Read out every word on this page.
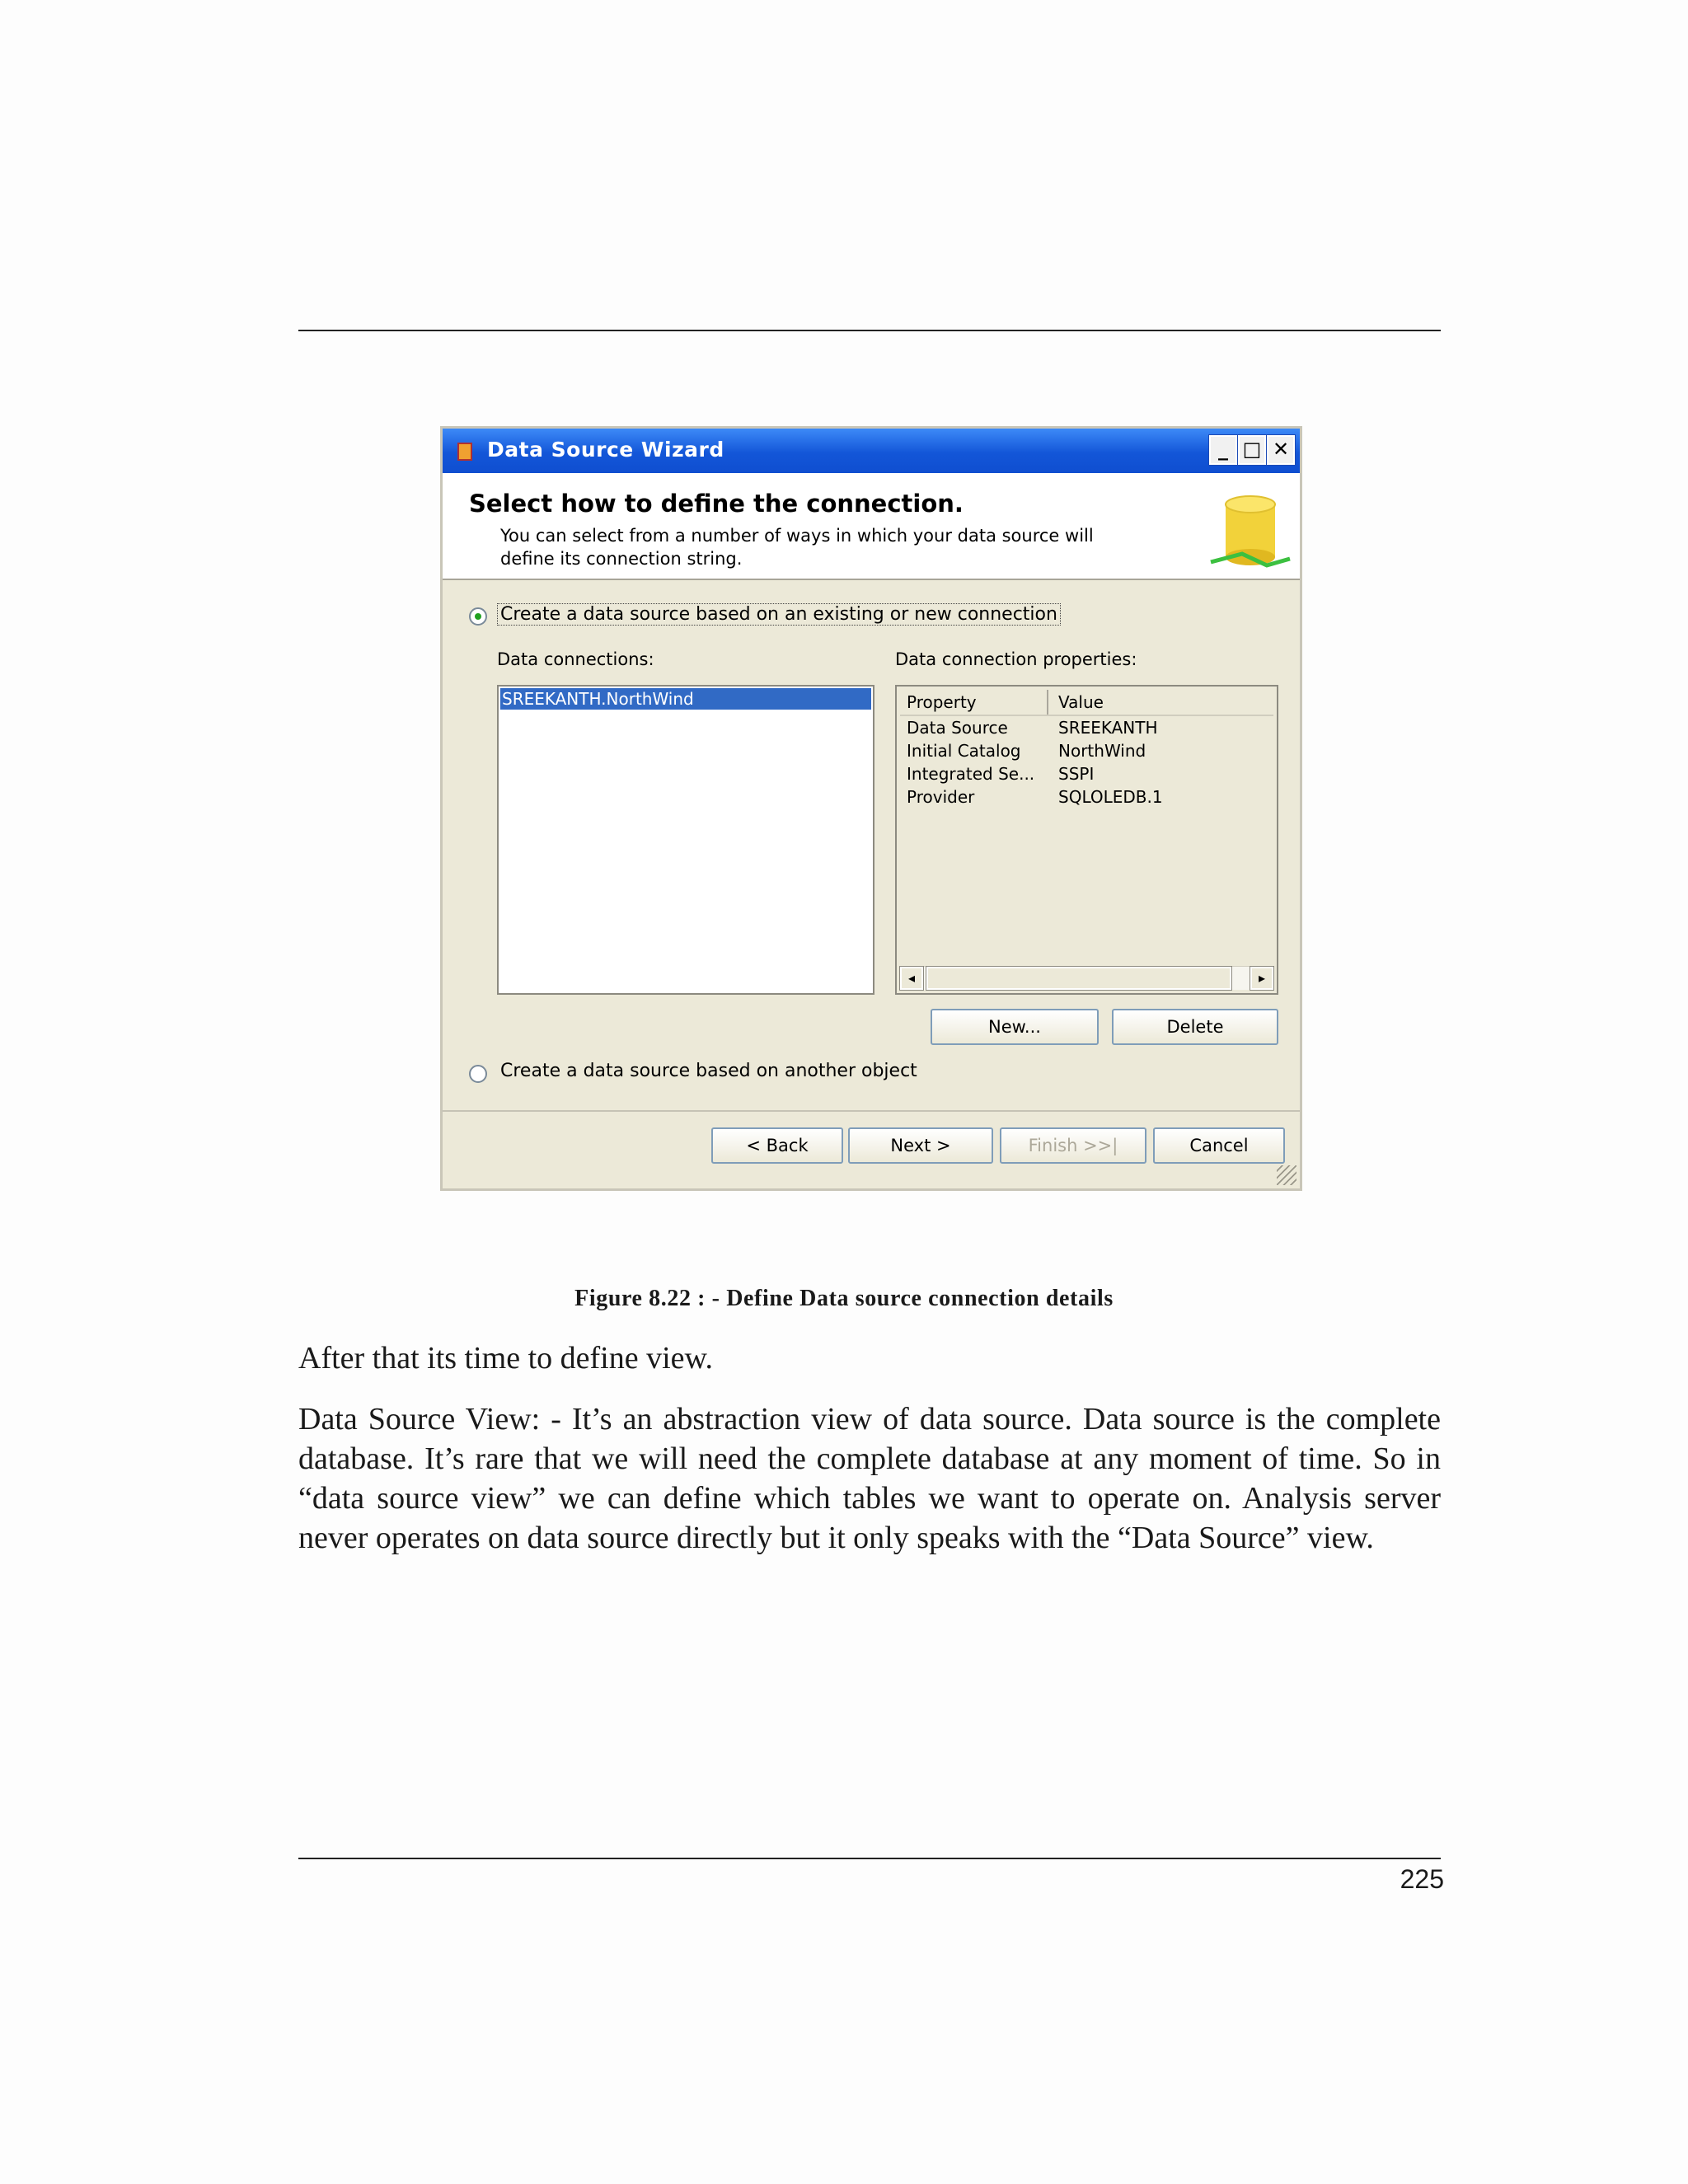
Data Source Wizard	_ □ ✕
Select how to define the connection.
You can select from a number of ways in which your data source will define its connection string.
Create a data source based on an existing or new connection
Data connections:
SREEKANTH.NorthWind
Data connection properties:
Property	Value
Data Source	SREEKANTH
Initial Catalog	NorthWind
Integrated Se...	SSPI
Provider	SQLOLEDB.1
◂	▸
New...	Delete
Create a data source based on another object
< Back	Next >	Finish >>|	Cancel
Figure 8.22 : - Define Data source connection details

After that its time to define view.

Data Source View: - It’s an abstraction view of data source. Data source is the complete database. It’s rare that we will need the complete database at any moment of time. So in “data source view” we can define which tables we want to operate on. Analysis server never operates on data source directly but it only speaks with the “Data Source” view.

225
